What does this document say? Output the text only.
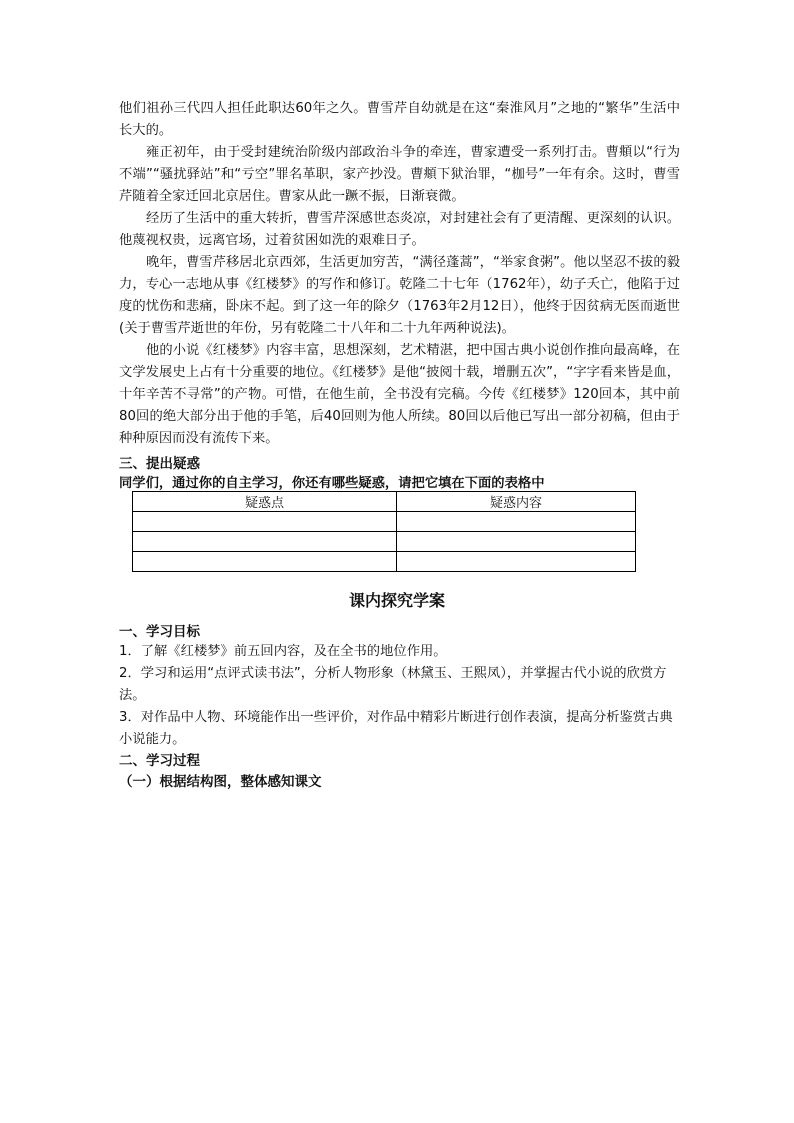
他们祖孙三代四人担任此职达60年之久。曹雪芹自幼就是在这“秦淮风月”之地的“繁华”生活中长大的。

雍正初年，由于受封建统治阶级内部政治斗争的牵连，曹家遭受一系列打击。曹頫以“行为不端”“骚扰驿站”和“亏空”罪名革职，家产抄没。曹頫下狱治罪，“枷号”一年有余。这时，曹雪芹随着全家迁回北京居住。曹家从此一蹶不振，日渐衰微。

经历了生活中的重大转折，曹雪芹深感世态炎凉，对封建社会有了更清醒、更深刻的认识。他蔑视权贵，远离官场，过着贫困如洗的艰难日子。

晚年，曹雪芹移居北京西郊，生活更加穷苦，“满径蓬蒿”，“举家食粥”。他以坚忍不拔的毅力，专心一志地从事《红楼梦》的写作和修订。乾隆二十七年（1762年），幼子夭亡，他陷于过度的忧伤和悲痛，卧床不起。到了这一年的除夕（1763年2月12日），他终于因贫病无医而逝世(关于曹雪芹逝世的年份，另有乾隆二十八年和二十九年两种说法)。

他的小说《红楼梦》内容丰富，思想深刻，艺术精湛，把中国古典小说创作推向最高峰，在文学发展史上占有十分重要的地位。《红楼梦》是他“披阅十载，增删五次”，“字字看来皆是血，十年辛苦不寻常”的产物。可惜，在他生前，全书没有完稿。今传《红楼梦》120回本，其中前80回的绝大部分出于他的手笔，后40回则为他人所续。80回以后他已写出一部分初稿，但由于种种原因而没有流传下来。

三、提出疑惑

同学们，通过你的自主学习，你还有哪些疑惑，请把它填在下面的表格中

疑惑点	疑惑内容

课内探究学案

一、学习目标

1．了解《红楼梦》前五回内容，及在全书的地位作用。

2．学习和运用“点评式读书法”，分析人物形象（林黛玉、王熙凤），并掌握古代小说的欣赏方法。

3．对作品中人物、环境能作出一些评价，对作品中精彩片断进行创作表演，提高分析鉴赏古典小说能力。

二、学习过程

（一）根据结构图，整体感知课文
